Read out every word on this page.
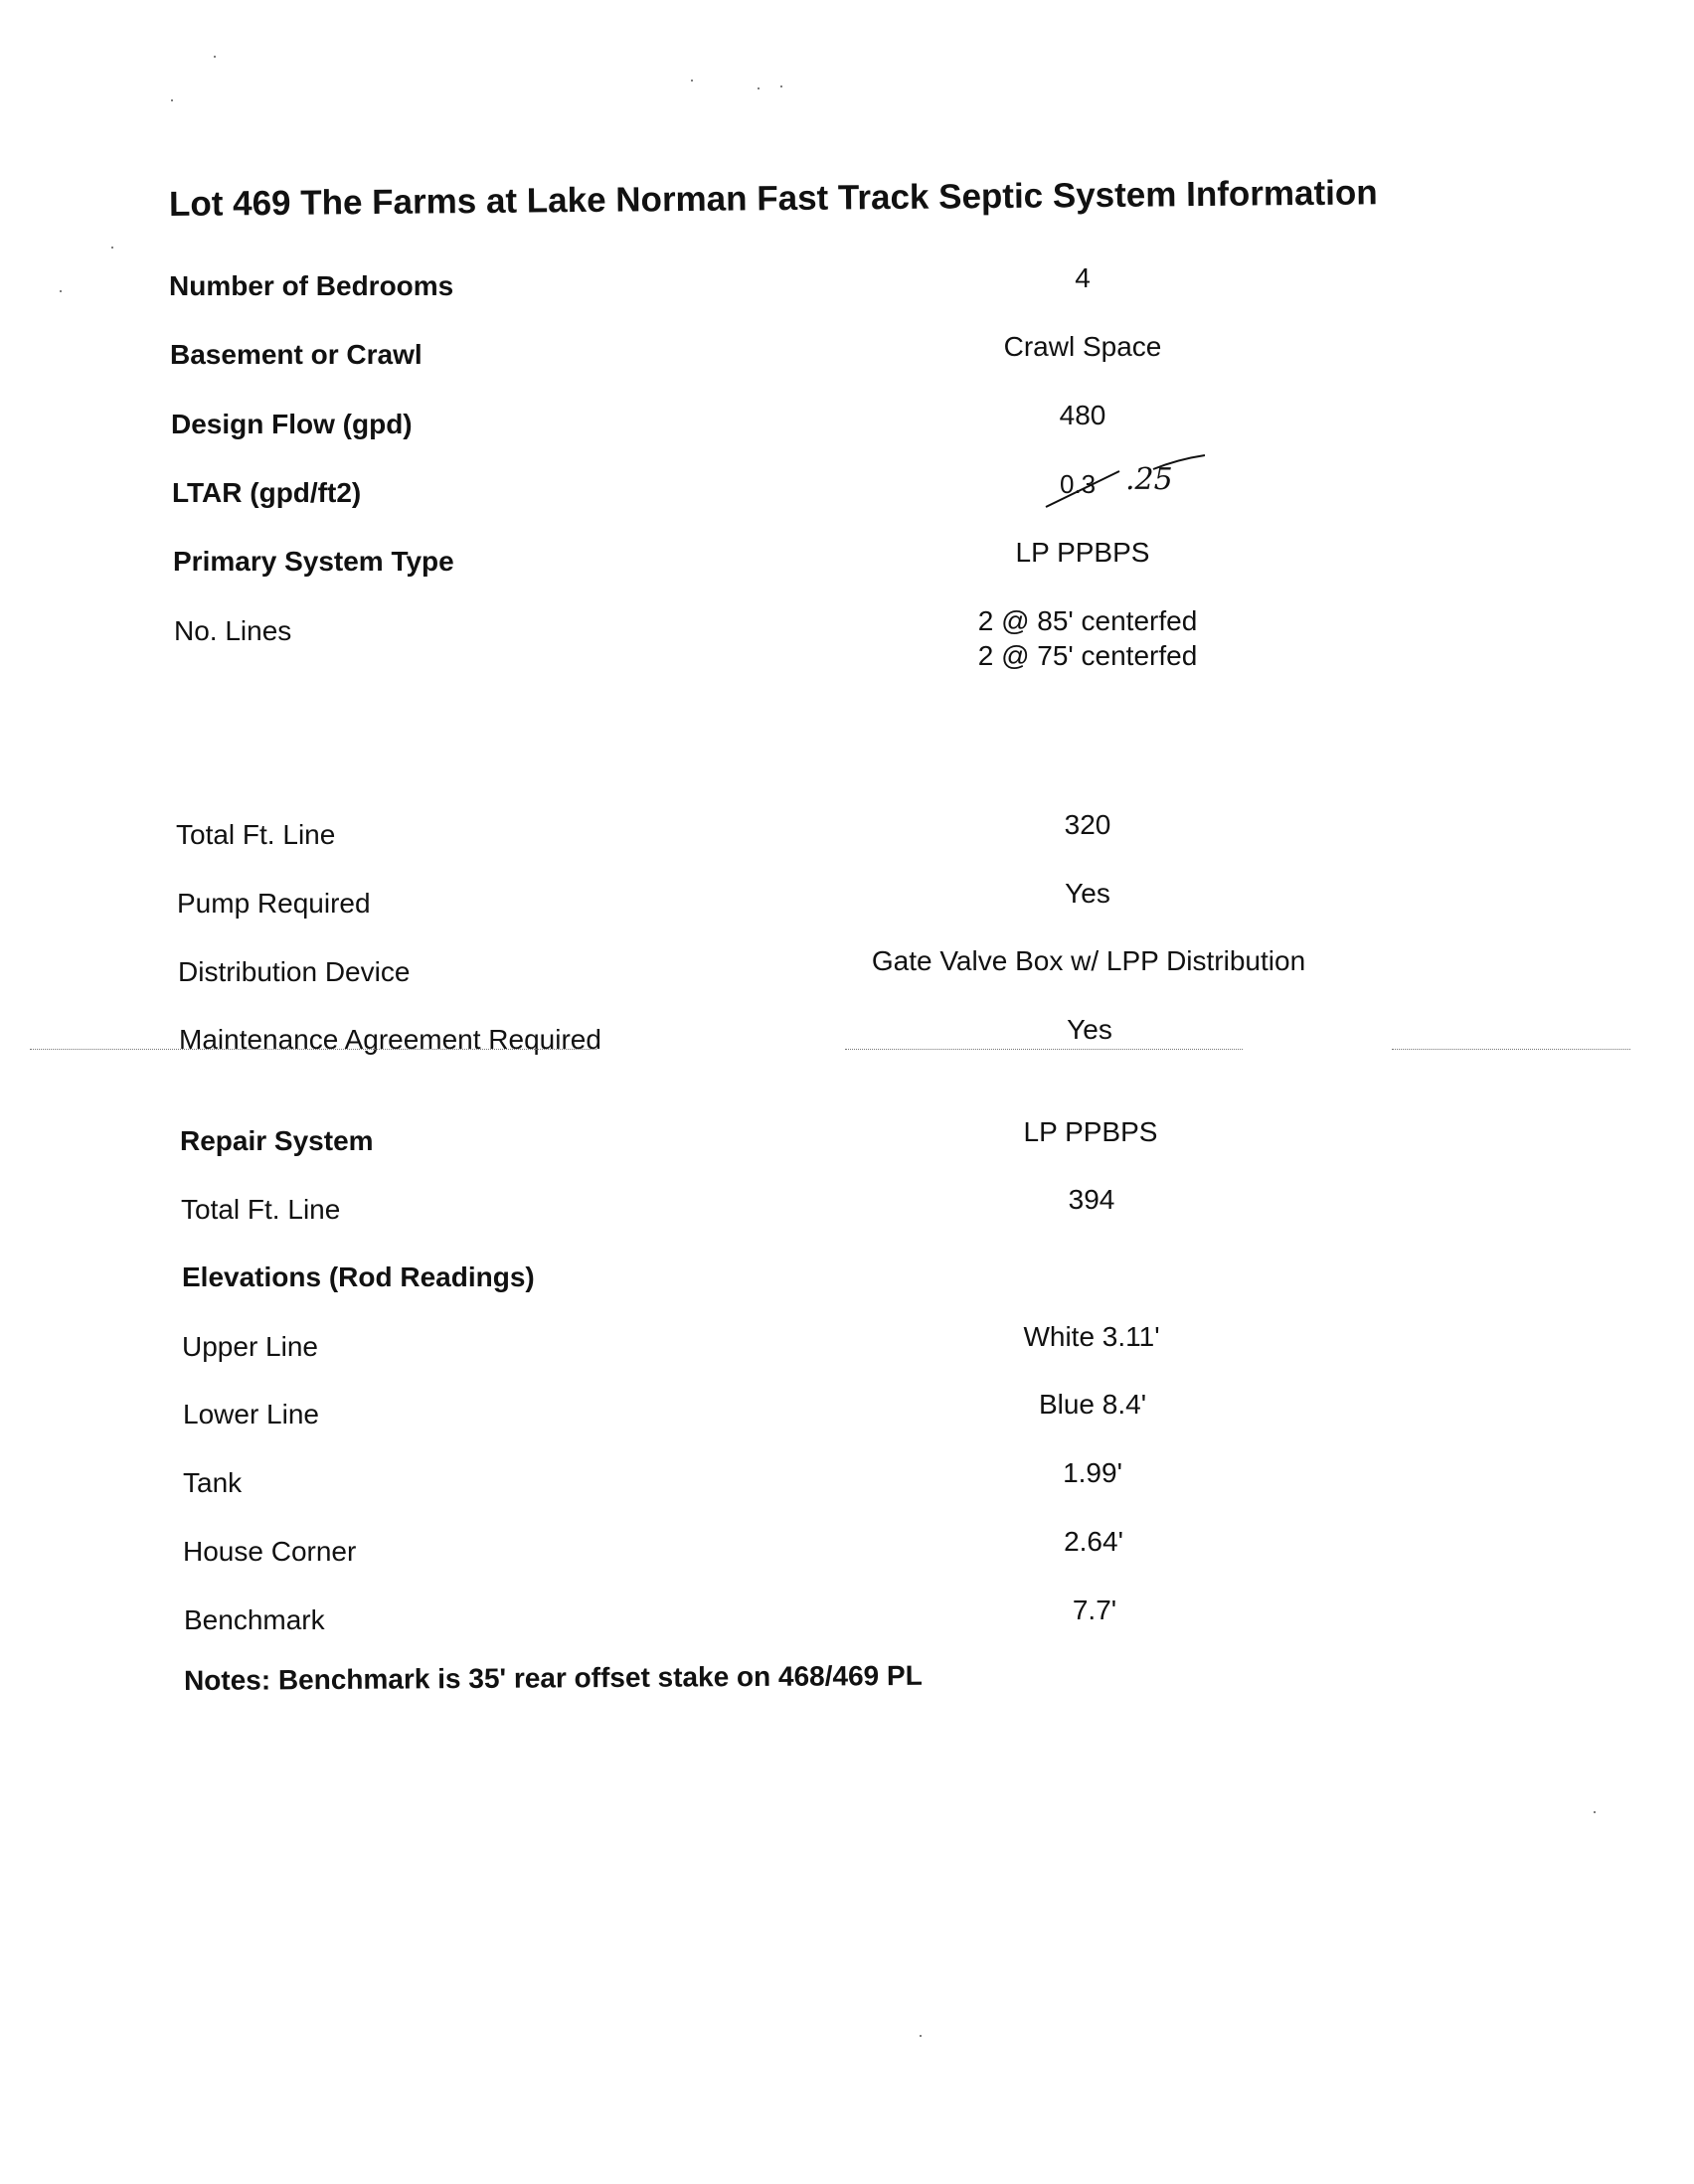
Lot 469 The Farms at Lake Norman Fast Track Septic System Information
Number of Bedrooms	4
Basement or Crawl	Crawl Space
Design Flow (gpd)	480
LTAR (gpd/ft2)	0.3 .25
Primary System Type	LP PPBPS
No. Lines	2 @ 85' centerfed
2 @ 75' centerfed
Total Ft. Line	320
Pump Required	Yes
Distribution Device	Gate Valve Box w/ LPP Distribution
Maintenance Agreement Required	Yes
Repair System	LP PPBPS
Total Ft. Line	394
Elevations (Rod Readings)
Upper Line	White 3.11'
Lower Line	Blue 8.4'
Tank	1.99'
House Corner	2.64'
Benchmark	7.7'
Notes: Benchmark is 35' rear offset stake on 468/469 PL
